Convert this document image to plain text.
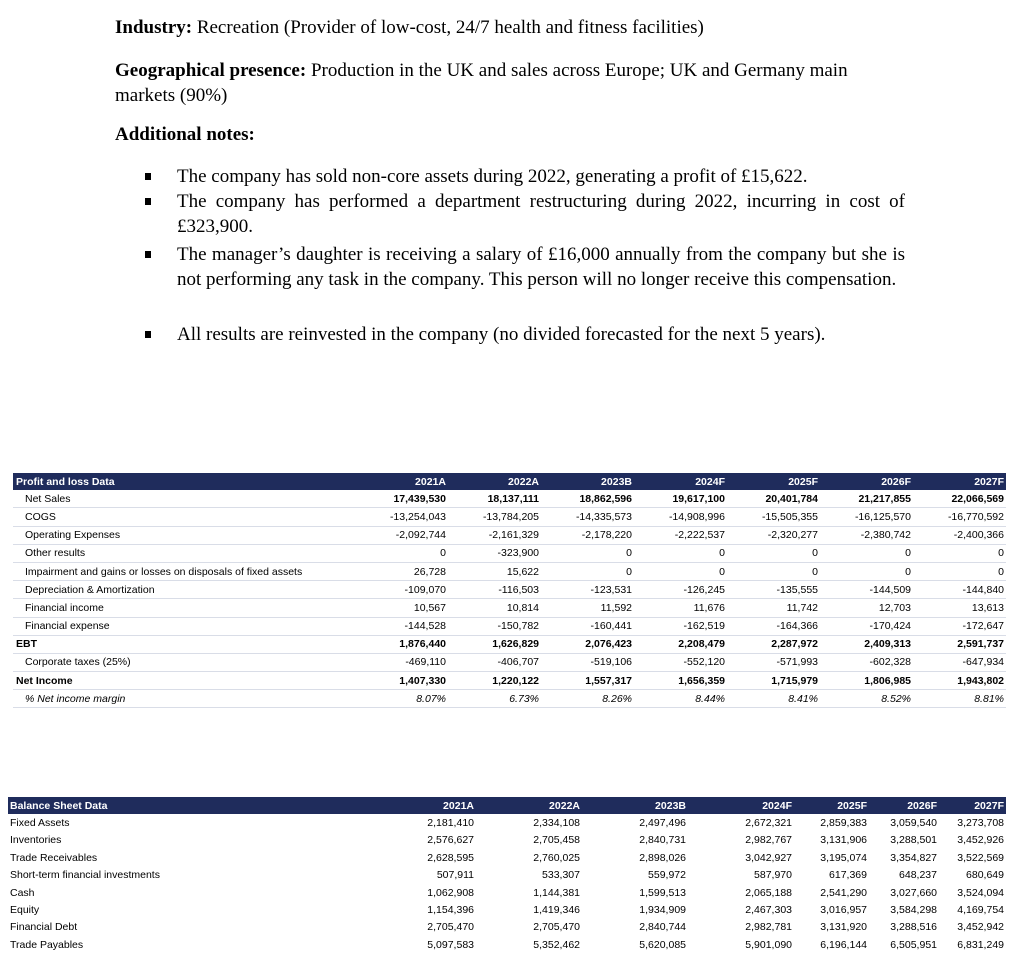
Industry: Recreation (Provider of low-cost, 24/7 health and fitness facilities)
Geographical presence: Production in the UK and sales across Europe; UK and Germany main markets (90%)
Additional notes:
The company has sold non-core assets during 2022, generating a profit of £15,622.
The company has performed a department restructuring during 2022, incurring in cost of £323,900.
The manager’s daughter is receiving a salary of £16,000 annually from the company but she is not performing any task in the company. This person will no longer receive this compensation.
All results are reinvested in the company (no divided forecasted for the next 5 years).
Profit and loss Data	2021A	2022A	2023B	2024F	2025F	2026F	2027F
Net Sales	17,439,530	18,137,111	18,862,596	19,617,100	20,401,784	21,217,855	22,066,569
COGS	-13,254,043	-13,784,205	-14,335,573	-14,908,996	-15,505,355	-16,125,570	-16,770,592
Operating Expenses	-2,092,744	-2,161,329	-2,178,220	-2,222,537	-2,320,277	-2,380,742	-2,400,366
Other results	0	-323,900	0	0	0	0	0
Impairment and gains or losses on disposals of fixed assets	26,728	15,622	0	0	0	0	0
Depreciation & Amortization	-109,070	-116,503	-123,531	-126,245	-135,555	-144,509	-144,840
Financial income	10,567	10,814	11,592	11,676	11,742	12,703	13,613
Financial expense	-144,528	-150,782	-160,441	-162,519	-164,366	-170,424	-172,647
EBT	1,876,440	1,626,829	2,076,423	2,208,479	2,287,972	2,409,313	2,591,737
Corporate taxes (25%)	-469,110	-406,707	-519,106	-552,120	-571,993	-602,328	-647,934
Net Income	1,407,330	1,220,122	1,557,317	1,656,359	1,715,979	1,806,985	1,943,802
% Net income margin	8.07%	6.73%	8.26%	8.44%	8.41%	8.52%	8.81%
Balance Sheet Data	2021A	2022A	2023B	2024F	2025F	2026F	2027F
Fixed Assets	2,181,410	2,334,108	2,497,496	2,672,321	2,859,383	3,059,540	3,273,708
Inventories	2,576,627	2,705,458	2,840,731	2,982,767	3,131,906	3,288,501	3,452,926
Trade Receivables	2,628,595	2,760,025	2,898,026	3,042,927	3,195,074	3,354,827	3,522,569
Short-term financial investments	507,911	533,307	559,972	587,970	617,369	648,237	680,649
Cash	1,062,908	1,144,381	1,599,513	2,065,188	2,541,290	3,027,660	3,524,094
Equity	1,154,396	1,419,346	1,934,909	2,467,303	3,016,957	3,584,298	4,169,754
Financial Debt	2,705,470	2,705,470	2,840,744	2,982,781	3,131,920	3,288,516	3,452,942
Trade Payables	5,097,583	5,352,462	5,620,085	5,901,090	6,196,144	6,505,951	6,831,249
